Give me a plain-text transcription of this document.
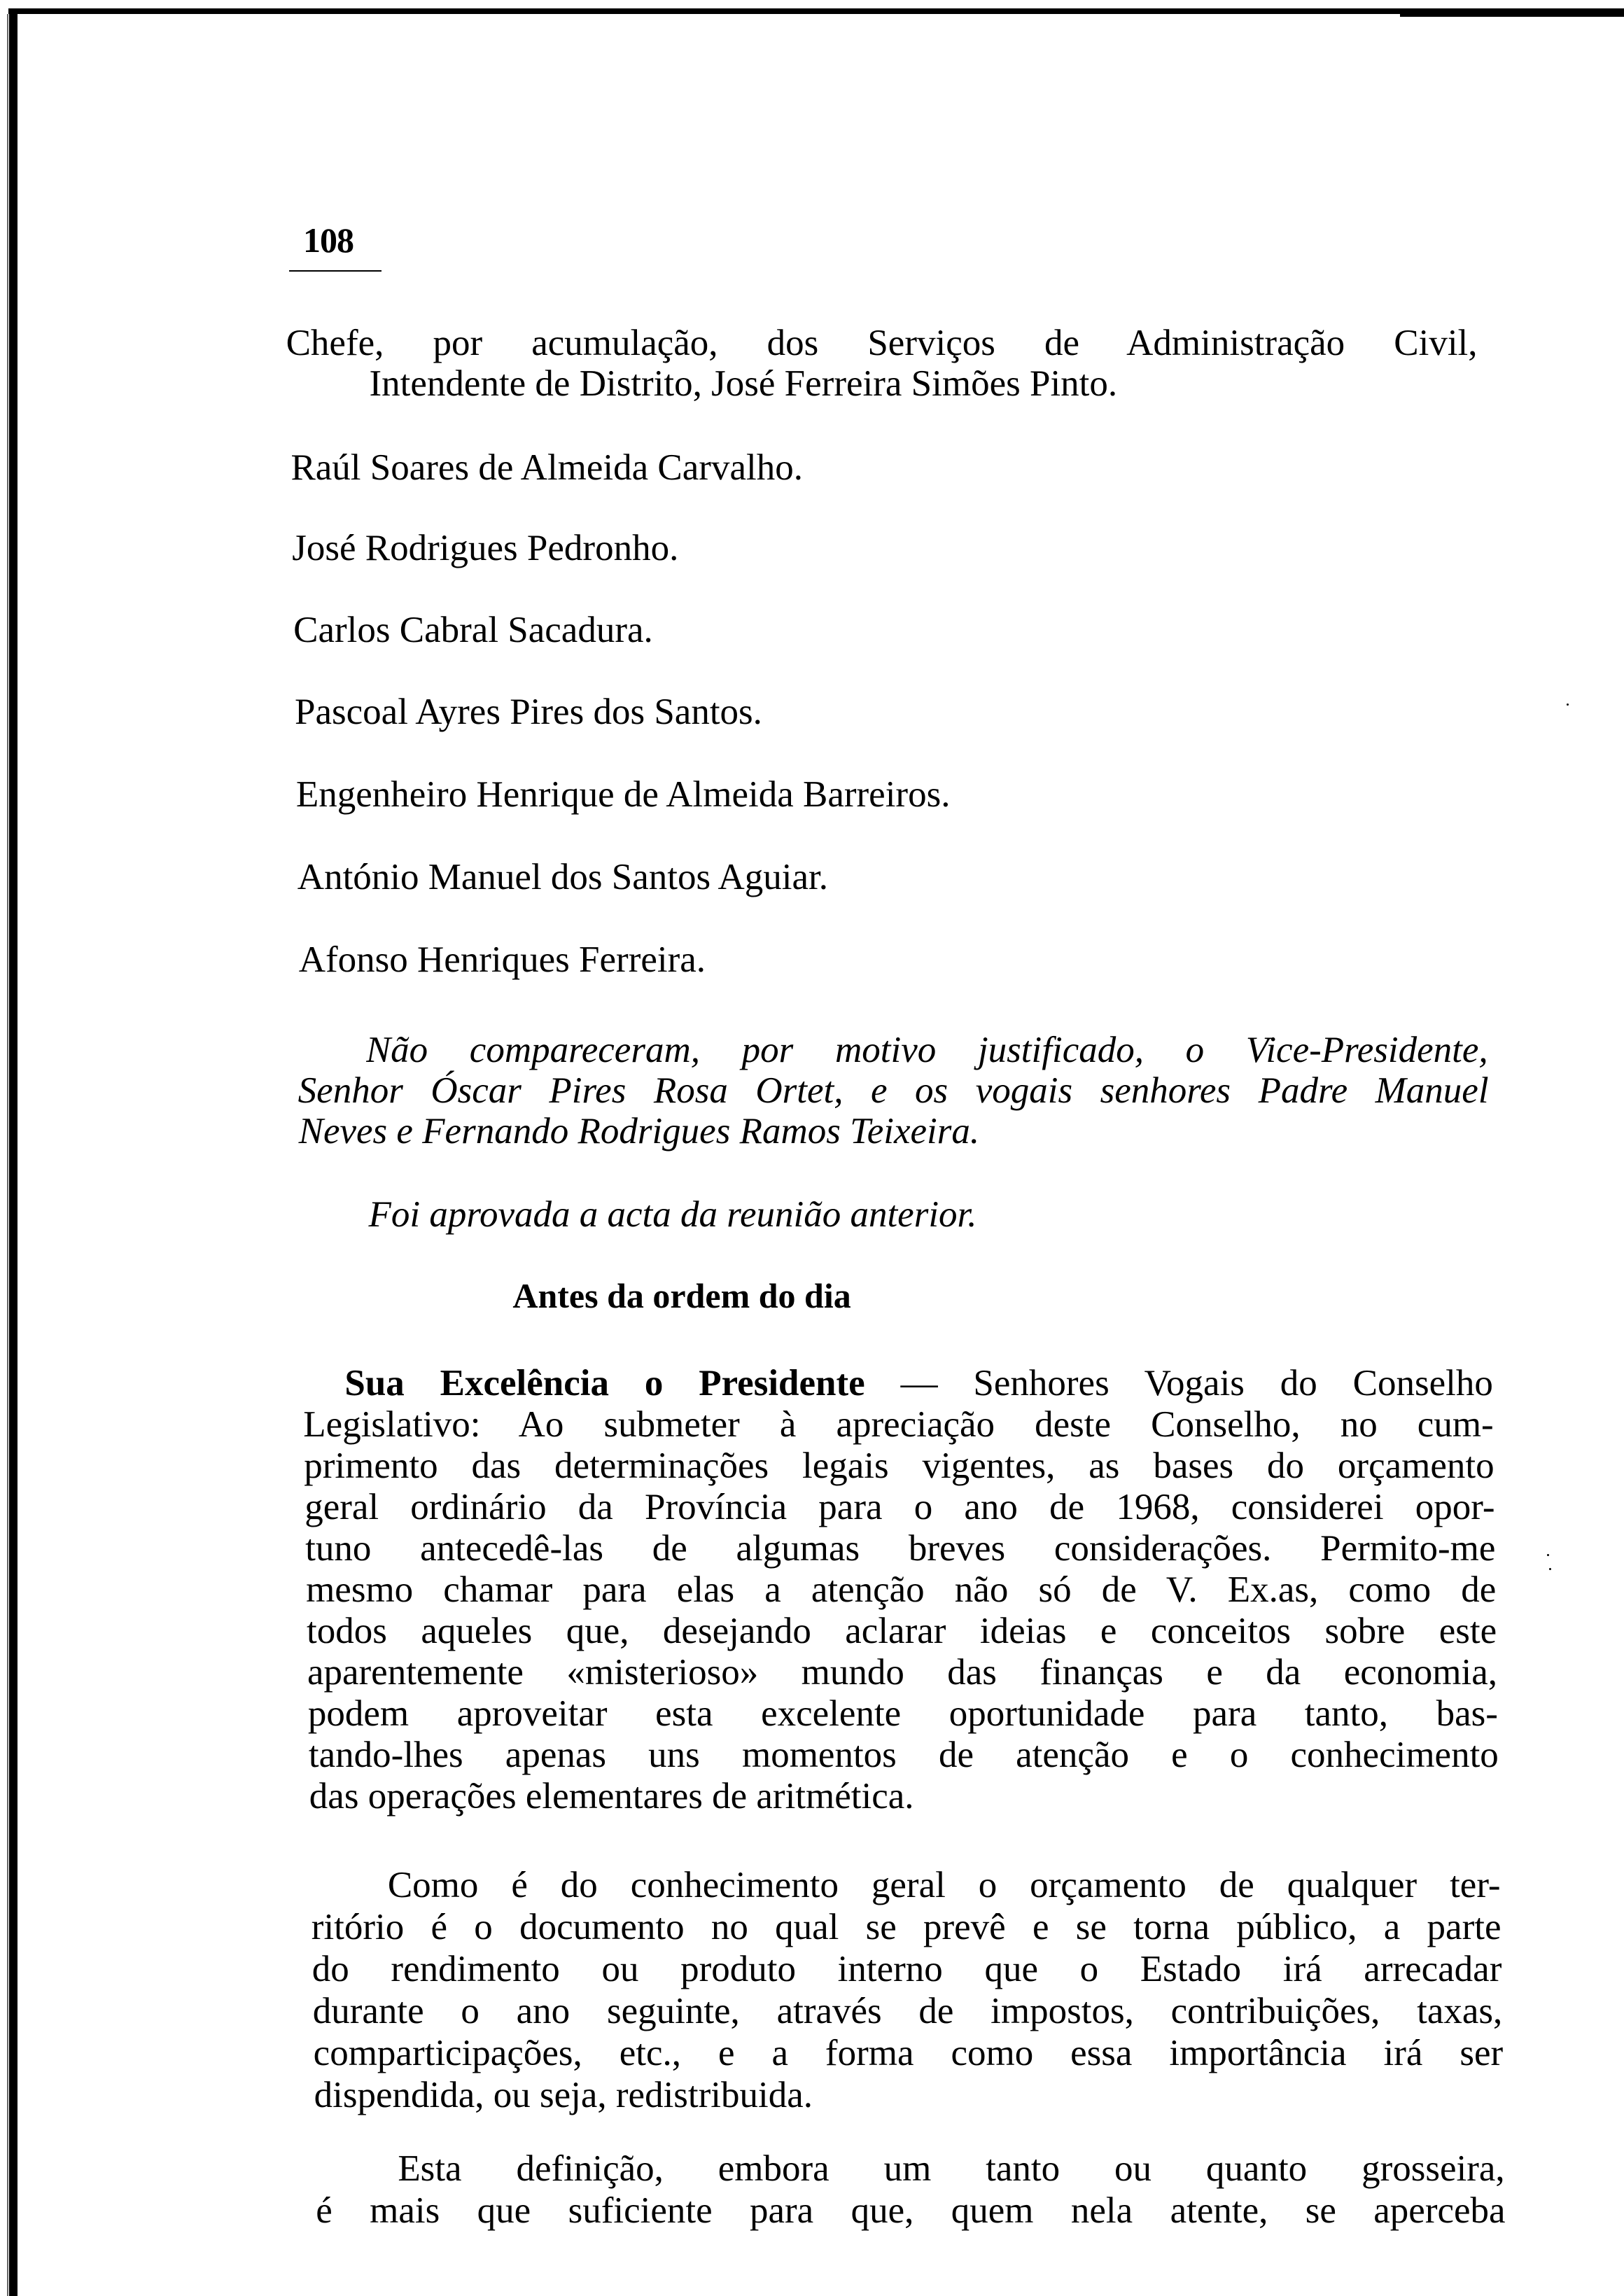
108
Chefe, por acumulação, dos Serviços de Administração Civil,
Intendente de Distrito, José Ferreira Simões Pinto.
Raúl Soares de Almeida Carvalho.
José Rodrigues Pedronho.
Carlos Cabral Sacadura.
Pascoal Ayres Pires dos Santos.
Engenheiro Henrique de Almeida Barreiros.
António Manuel dos Santos Aguiar.
Afonso Henriques Ferreira.
Não compareceram, por motivo justificado, o Vice-Presidente,
Senhor Óscar Pires Rosa Ortet, e os vogais senhores Padre Manuel
Neves e Fernando Rodrigues Ramos Teixeira.
Foi aprovada a acta da reunião anterior.
Antes da ordem do dia
Sua Excelência o Presidente — Senhores Vogais do Conselho
Legislativo: Ao submeter à apreciação deste Conselho, no cum-
primento das determinações legais vigentes, as bases do orçamento
geral ordinário da Província para o ano de 1968, considerei opor-
tuno antecedê-las de algumas breves considerações. Permito-me
mesmo chamar para elas a atenção não só de V. Ex.as, como de
todos aqueles que, desejando aclarar ideias e conceitos sobre este
aparentemente «misterioso» mundo das finanças e da economia,
podem aproveitar esta excelente oportunidade para tanto, bas-
tando-lhes apenas uns momentos de atenção e o conhecimento
das operações elementares de aritmética.
Como é do conhecimento geral o orçamento de qualquer ter-
ritório é o documento no qual se prevê e se torna público, a parte
do rendimento ou produto interno que o Estado irá arrecadar
durante o ano seguinte, através de impostos, contribuições, taxas,
comparticipações, etc., e a forma como essa importância irá ser
dispendida, ou seja, redistribuida.
Esta definição, embora um tanto ou quanto grosseira,
é mais que suficiente para que, quem nela atente, se aperceba
